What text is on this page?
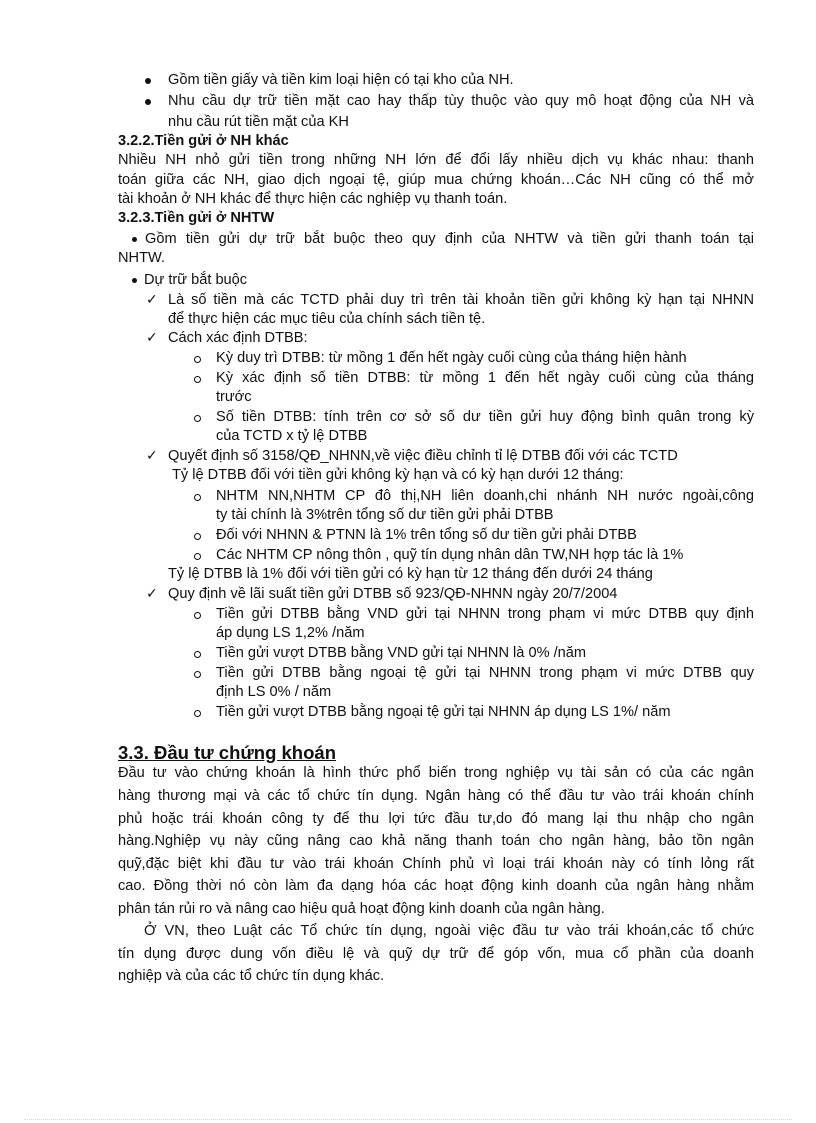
Gồm tiền giấy và tiền kim loại hiện có tại kho của NH.
Nhu cầu dự trữ tiền mặt cao hay thấp tùy thuộc vào quy mô hoạt động của NH và
nhu cầu rút tiền mặt của KH
3.2.2.Tiền gửi ở NH khác
Nhiều NH nhỏ gửi tiền trong những NH lớn để đổi lấy nhiều dịch vụ khác nhau: thanh
toán giữa các NH, giao dịch ngoại tệ, giúp mua chứng khoán…Các NH cũng có thể mở
tài khoản ở NH khác để thực hiện các nghiệp vụ thanh toán.
3.2.3.Tiền gửi ở NHTW
Gồm tiền gửi dự trữ bắt buộc theo quy định của NHTW và tiền gửi thanh toán tại
NHTW.
Dự trữ bắt buộc
✓ Là số tiền mà các TCTD phải duy trì trên tài khoản tiền gửi không kỳ hạn tại NHNN
để thực hiện các mục tiêu của chính sách tiền tệ.
✓ Cách xác định DTBB:
Kỳ duy trì DTBB: từ mồng 1 đến hết ngày cuối cùng của tháng hiện hành
Kỳ xác định số tiền DTBB: từ mồng 1 đến hết ngày cuối cùng của tháng
trước
Số tiền DTBB: tính trên cơ sở số dư tiền gửi huy động bình quân trong kỳ
của TCTD x tỷ lệ DTBB
✓ Quyết định số 3158/QĐ_NHNN,về việc điều chỉnh tỉ lệ DTBB đối với các TCTD
Tỷ lệ DTBB đối với tiền gửi không kỳ hạn và có kỳ hạn dưới 12 tháng:
NHTM NN,NHTM CP đô thị,NH liên doanh,chi nhánh NH nước ngoài,công
ty tài chính là 3%trên tổng số dư tiền gửi phải DTBB
Đối với NHNN & PTNN là 1% trên tổng số dư tiền gửi phải DTBB
Các NHTM CP nông thôn , quỹ tín dụng nhân dân TW,NH hợp tác là 1%
Tỷ lệ DTBB là 1% đối với tiền gửi có kỳ hạn từ 12 tháng đến dưới 24 tháng
✓ Quy định về lãi suất tiền gửi DTBB số 923/QĐ-NHNN ngày 20/7/2004
Tiền gửi DTBB bằng VND gửi tại NHNN trong phạm vi mức DTBB quy định
áp dụng LS 1,2% /năm
Tiền gửi vượt DTBB bằng VND gửi tại NHNN là 0% /năm
Tiền gửi DTBB bằng ngoại tệ gửi tại NHNN trong phạm vi mức DTBB quy
định LS 0% / năm
Tiền gửi vượt DTBB bằng ngoại tệ gửi tại NHNN áp dụng LS 1%/ năm
3.3. Đầu tư chứng khoán
Đầu tư vào chứng khoán là hình thức phổ biến trong nghiệp vụ tài sản có của các ngân
hàng thương mại và các tổ chức tín dụng. Ngân hàng có thể đầu tư vào trái khoán chính
phủ hoặc trái khoán công ty để thu lợi tức đầu tư,do đó mang lại thu nhập cho ngân
hàng.Nghiệp vụ này cũng nâng cao khả năng thanh toán cho ngân hàng, bảo tồn ngân
quỹ,đặc biệt khi đầu tư vào trái khoán Chính phủ vì loại trái khoán này có tính lỏng rất
cao. Đồng thời nó còn làm đa dạng hóa các hoạt động kinh doanh của ngân hàng nhằm
phân tán rủi ro và nâng cao hiệu quả hoạt động kinh doanh của ngân hàng.
Ở VN, theo Luật các Tổ chức tín dụng, ngoài việc đầu tư vào trái khoán,các tổ chức
tín dụng được dung vốn điều lệ và quỹ dự trữ để góp vốn, mua cổ phần của doanh
nghiệp và của các tổ chức tín dụng khác.
